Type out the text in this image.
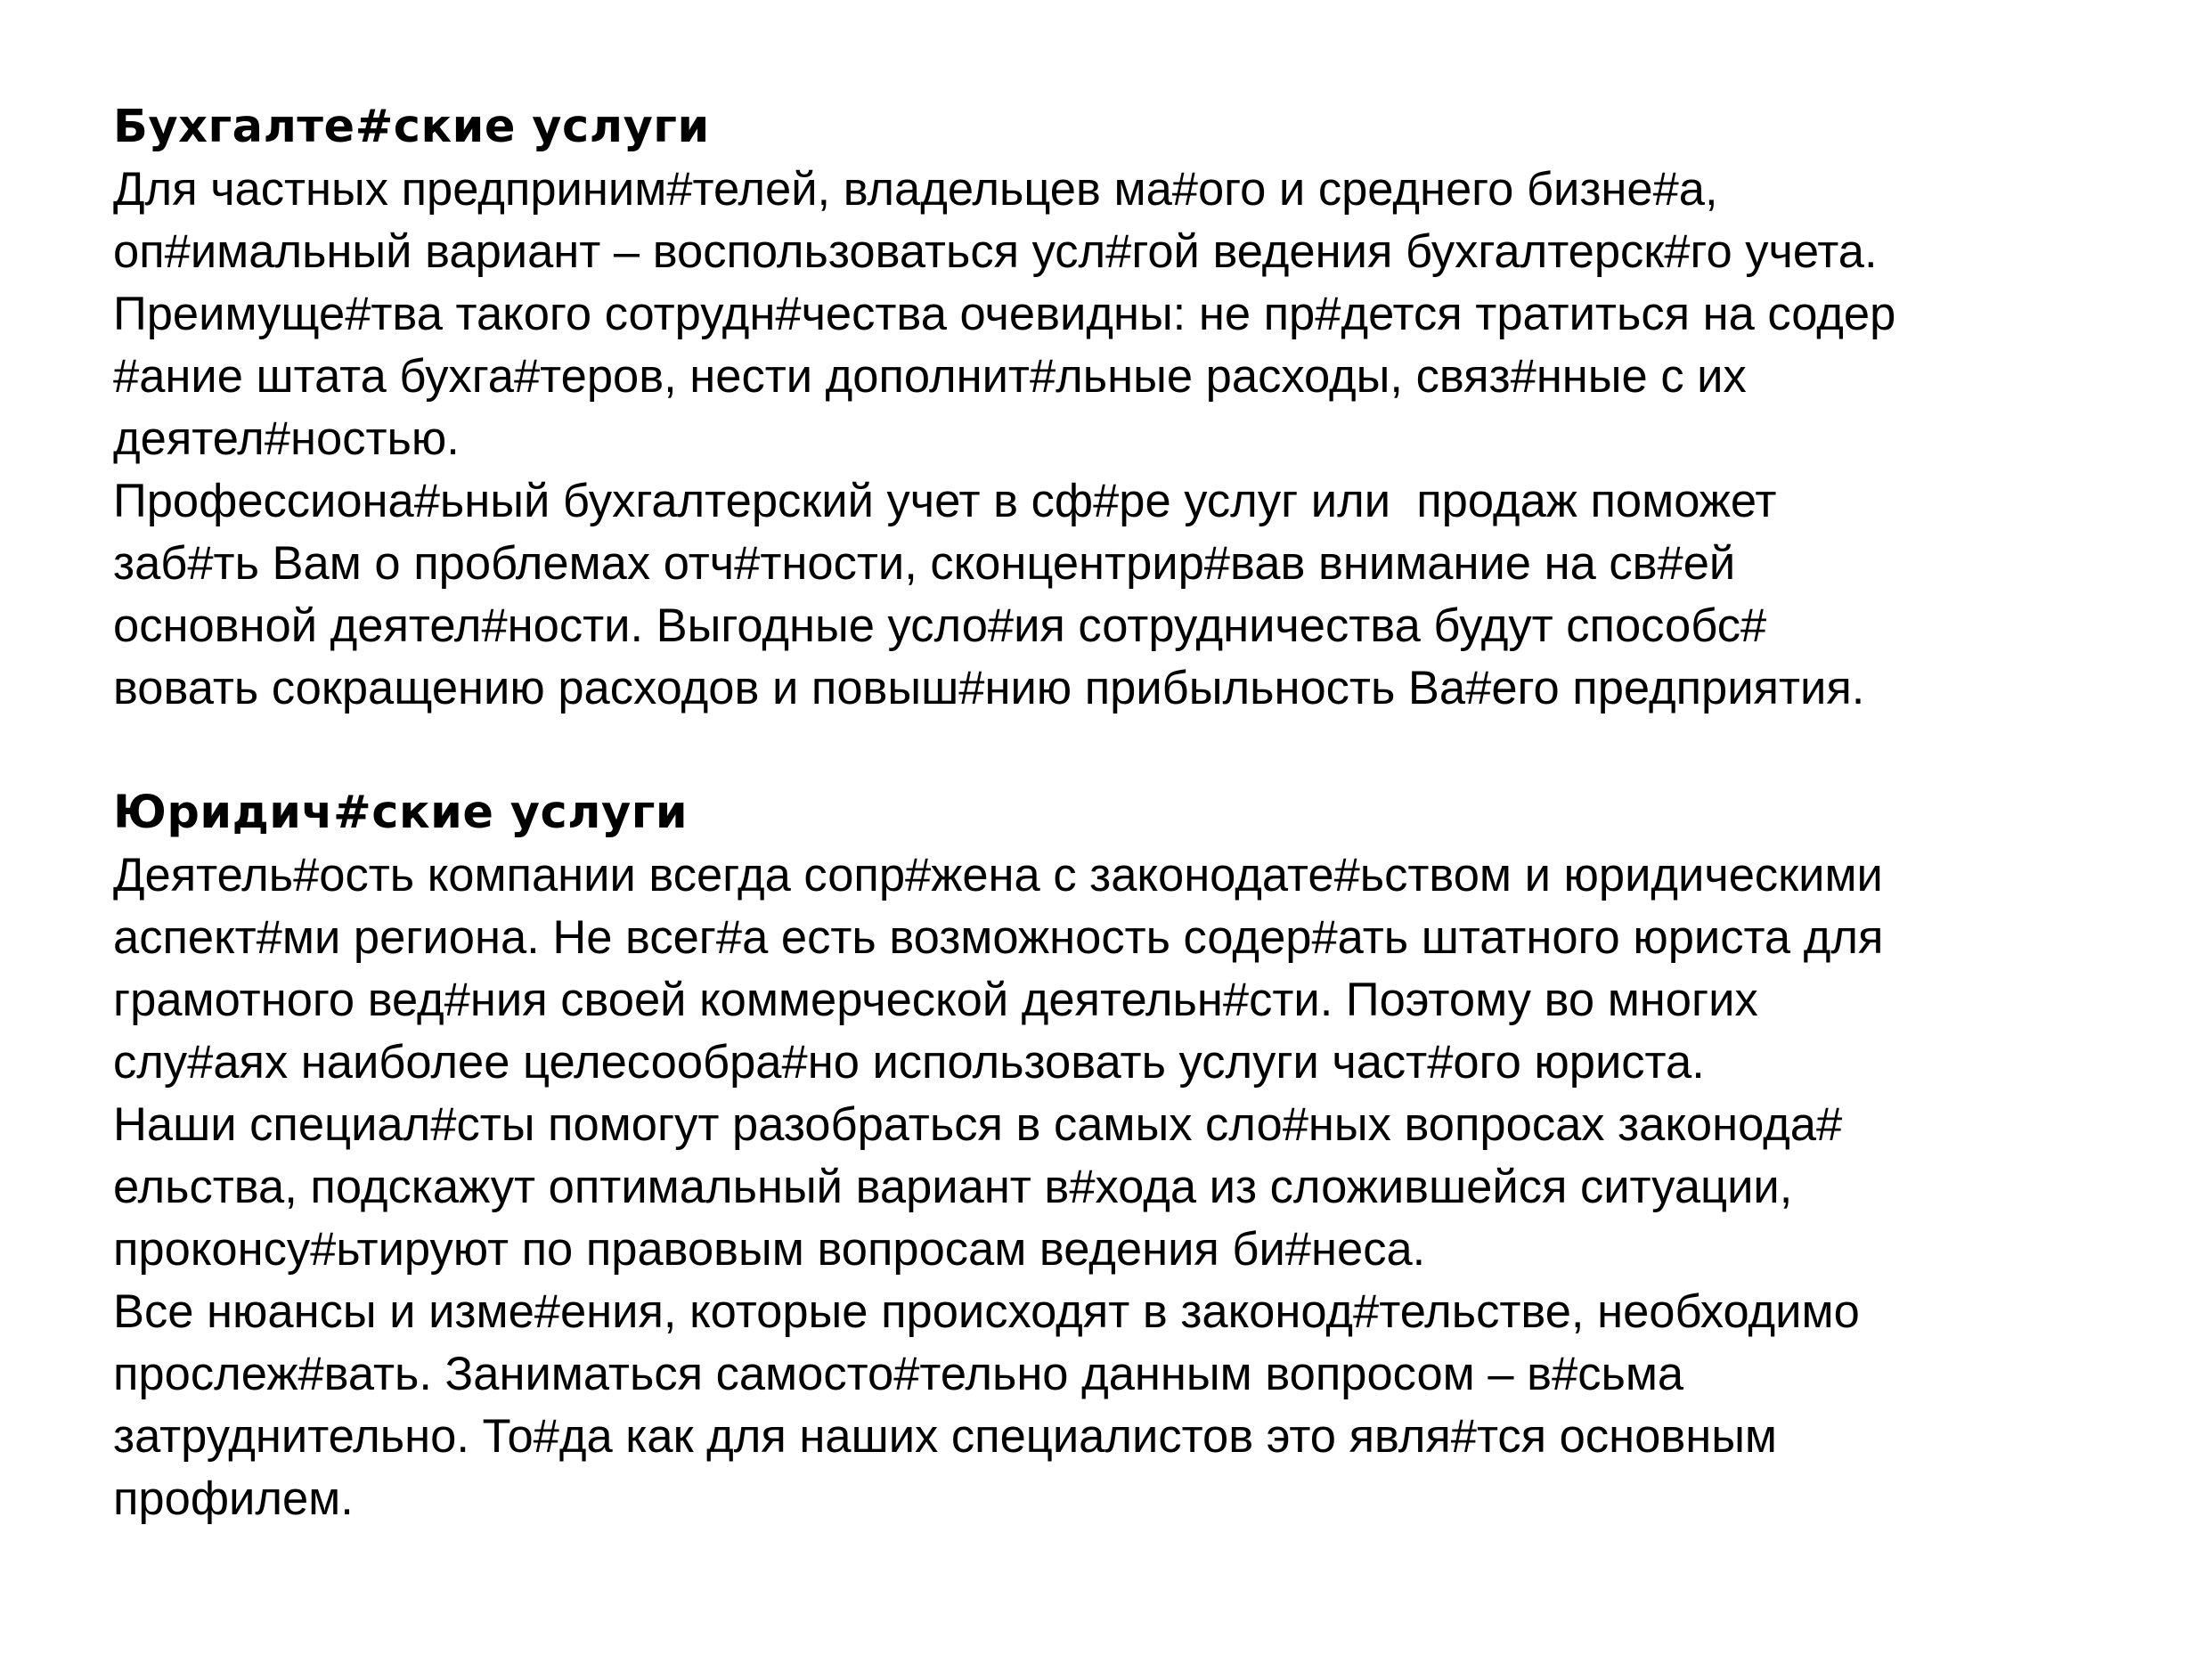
Бухгалте#ские услуги
Для частных предприним#телей, владельцев ма#ого и среднего бизне#а,
оп#имальный вариант – воспользоваться усл#гой ведения бухгалтерск#го учета.
Преимуще#тва такого сотрудн#чества очевидны: не пр#дется тратиться на содер
#ание штата бухга#теров, нести дополнит#льные расходы, связ#нные с их
деятел#ностью.
Профессиона#ьный бухгалтерский учет в сф#ре услуг или  продаж поможет
заб#ть Вам о проблемах отч#тности, сконцентрир#вав внимание на св#ей
основной деятел#ности. Выгодные усло#ия сотрудничества будут способс#
вовать сокращению расходов и повыш#нию прибыльность Ва#его предприятия.
Юридич#ские услуги
Деятель#ость компании всегда сопр#жена с законодате#ьством и юридическими
аспект#ми региона. Не всег#а есть возможность содер#ать штатного юриста для
грамотного вед#ния своей коммерческой деятельн#сти. Поэтому во многих
слу#аях наиболее целесообра#но использовать услуги част#ого юриста.
Наши специал#сты помогут разобраться в самых сло#ных вопросах законода#
ельства, подскажут оптимальный вариант в#хода из сложившейся ситуации,
проконсу#ьтируют по правовым вопросам ведения би#неса.
Все нюансы и изме#ения, которые происходят в законод#тельстве, необходимо
прослеж#вать. Заниматься самосто#тельно данным вопросом – в#сьма
затруднительно. То#да как для наших специалистов это явля#тся основным
профилем.
